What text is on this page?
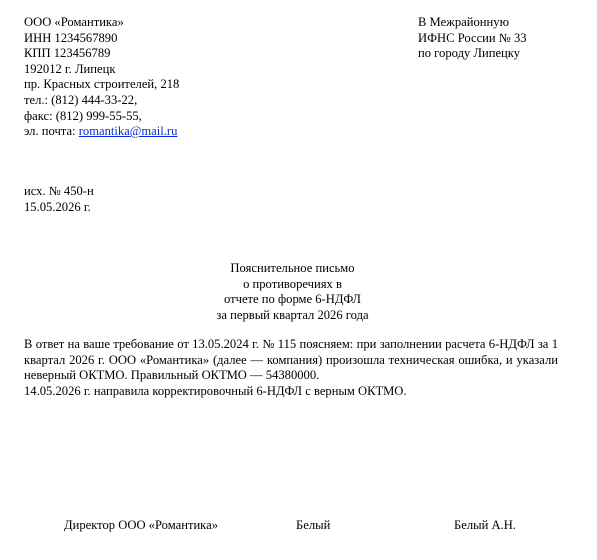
ООО «Романтика»
ИНН 1234567890
КПП 123456789
192012 г. Липецк
пр. Красных строителей, 218
тел.: (812) 444-33-22,
факс: (812) 999-55-55,
эл. почта: romantika@mail.ru
В Межрайонную
ИФНС России № 33
по городу Липецку
исх. № 450-н
15.05.2026 г.
Пояснительное письмо
о противоречиях в
отчете по форме 6-НДФЛ
за первый квартал 2026 года

В ответ на ваше требование от 13.05.2024 г. № 115 поясняем: при заполнении расчета 6-НДФЛ за 1 квартал 2026 г. ООО «Романтика» (далее — компания) произошла техническая ошибка, и указали неверный ОКТМО. Правильный ОКТМО — 54380000.

14.05.2026 г. направила корректировочный 6-НДФЛ с верным ОКТМО.

Директор ООО «Романтика»	Белый	Белый А.Н.
